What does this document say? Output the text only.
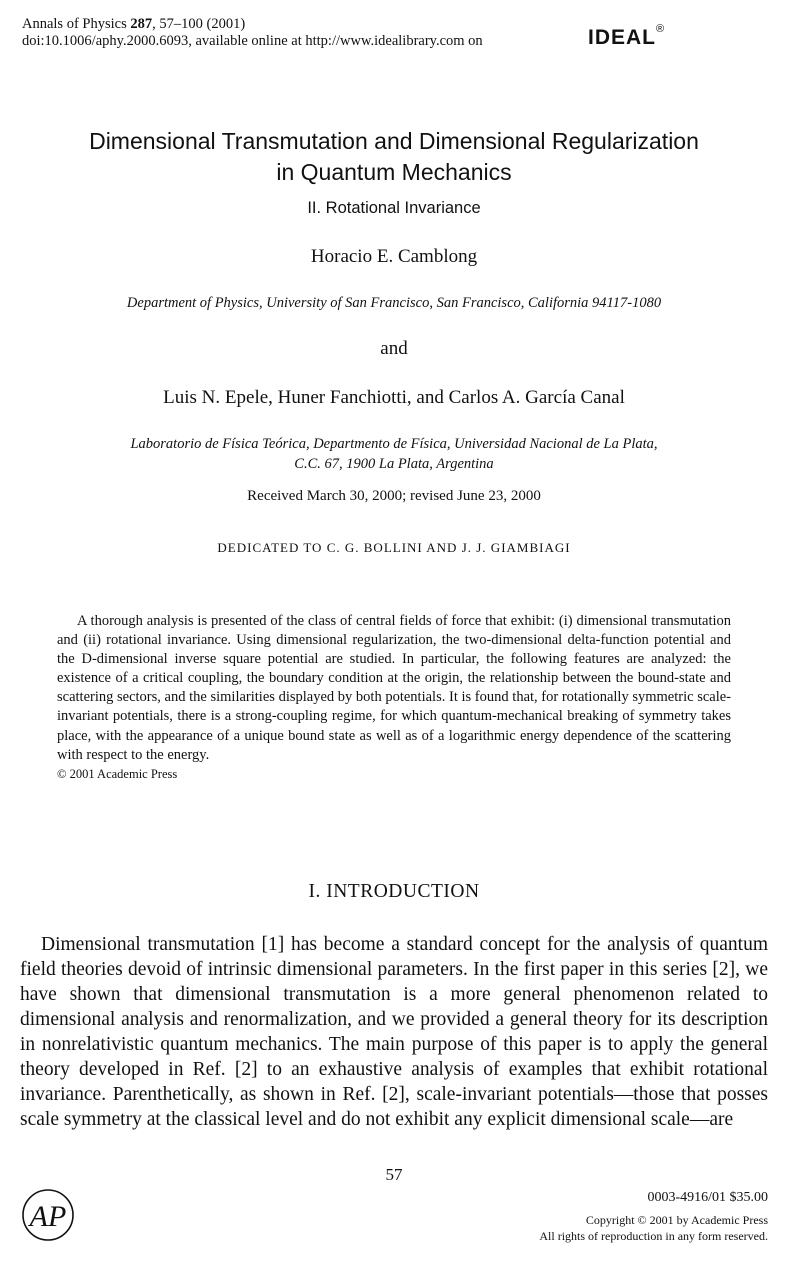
Annals of Physics 287, 57–100 (2001)
doi:10.1006/aphy.2000.6093, available online at http://www.idealibrary.com on	IDEAL®
Dimensional Transmutation and Dimensional Regularization
in Quantum Mechanics
II. Rotational Invariance
Horacio E. Camblong
Department of Physics, University of San Francisco, San Francisco, California 94117-1080
and
Luis N. Epele, Huner Fanchiotti, and Carlos A. García Canal
Laboratorio de Física Teórica, Departmento de Física, Universidad Nacional de La Plata,
C.C. 67, 1900 La Plata, Argentina
Received March 30, 2000; revised June 23, 2000
DEDICATED TO C. G. BOLLINI AND J. J. GIAMBIAGI
A thorough analysis is presented of the class of central fields of force that exhibit: (i) dimensional transmutation and (ii) rotational invariance. Using dimensional regularization, the two-dimensional delta-function potential and the D-dimensional inverse square potential are studied. In particular, the following features are analyzed: the existence of a critical coupling, the boundary condition at the origin, the relationship between the bound-state and scattering sectors, and the similarities displayed by both potentials. It is found that, for rotationally symmetric scale-invariant potentials, there is a strong-coupling regime, for which quantum-mechanical breaking of symmetry takes place, with the appearance of a unique bound state as well as of a logarithmic energy dependence of the scattering with respect to the energy.
© 2001 Academic Press
I. INTRODUCTION
Dimensional transmutation [1] has become a standard concept for the analysis of quantum field theories devoid of intrinsic dimensional parameters. In the first paper in this series [2], we have shown that dimensional transmutation is a more general phenomenon related to dimensional analysis and renormalization, and we provided a general theory for its description in nonrelativistic quantum mechanics. The main purpose of this paper is to apply the general theory developed in Ref. [2] to an exhaustive analysis of examples that exhibit rotational invariance. Parenthetically, as shown in Ref. [2], scale-invariant potentials—those that posses scale symmetry at the classical level and do not exhibit any explicit dimensional scale—are
57
AP
0003-4916/01 $35.00
Copyright © 2001 by Academic Press
All rights of reproduction in any form reserved.
